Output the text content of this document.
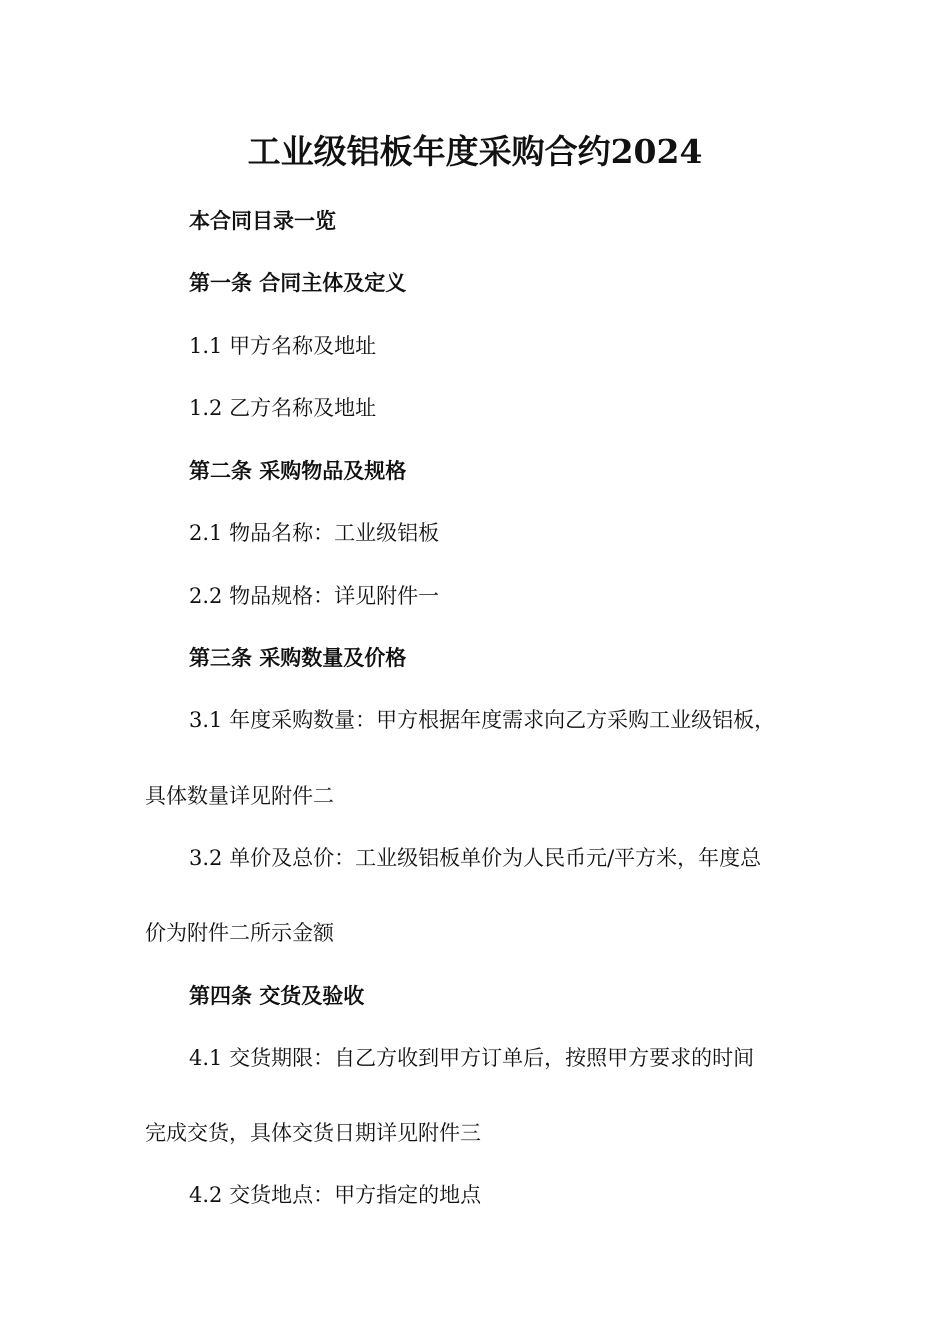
工业级铝板年度采购合约2024
本合同目录一览
第一条 合同主体及定义
1.1 甲方名称及地址
1.2 乙方名称及地址
第二条 采购物品及规格
2.1 物品名称：工业级铝板
2.2 物品规格：详见附件一
第三条 采购数量及价格
3.1 年度采购数量：甲方根据年度需求向乙方采购工业级铝板，
具体数量详见附件二
3.2 单价及总价：工业级铝板单价为人民币元/平方米，年度总
价为附件二所示金额
第四条 交货及验收
4.1 交货期限：自乙方收到甲方订单后，按照甲方要求的时间
完成交货，具体交货日期详见附件三
4.2 交货地点：甲方指定的地点
